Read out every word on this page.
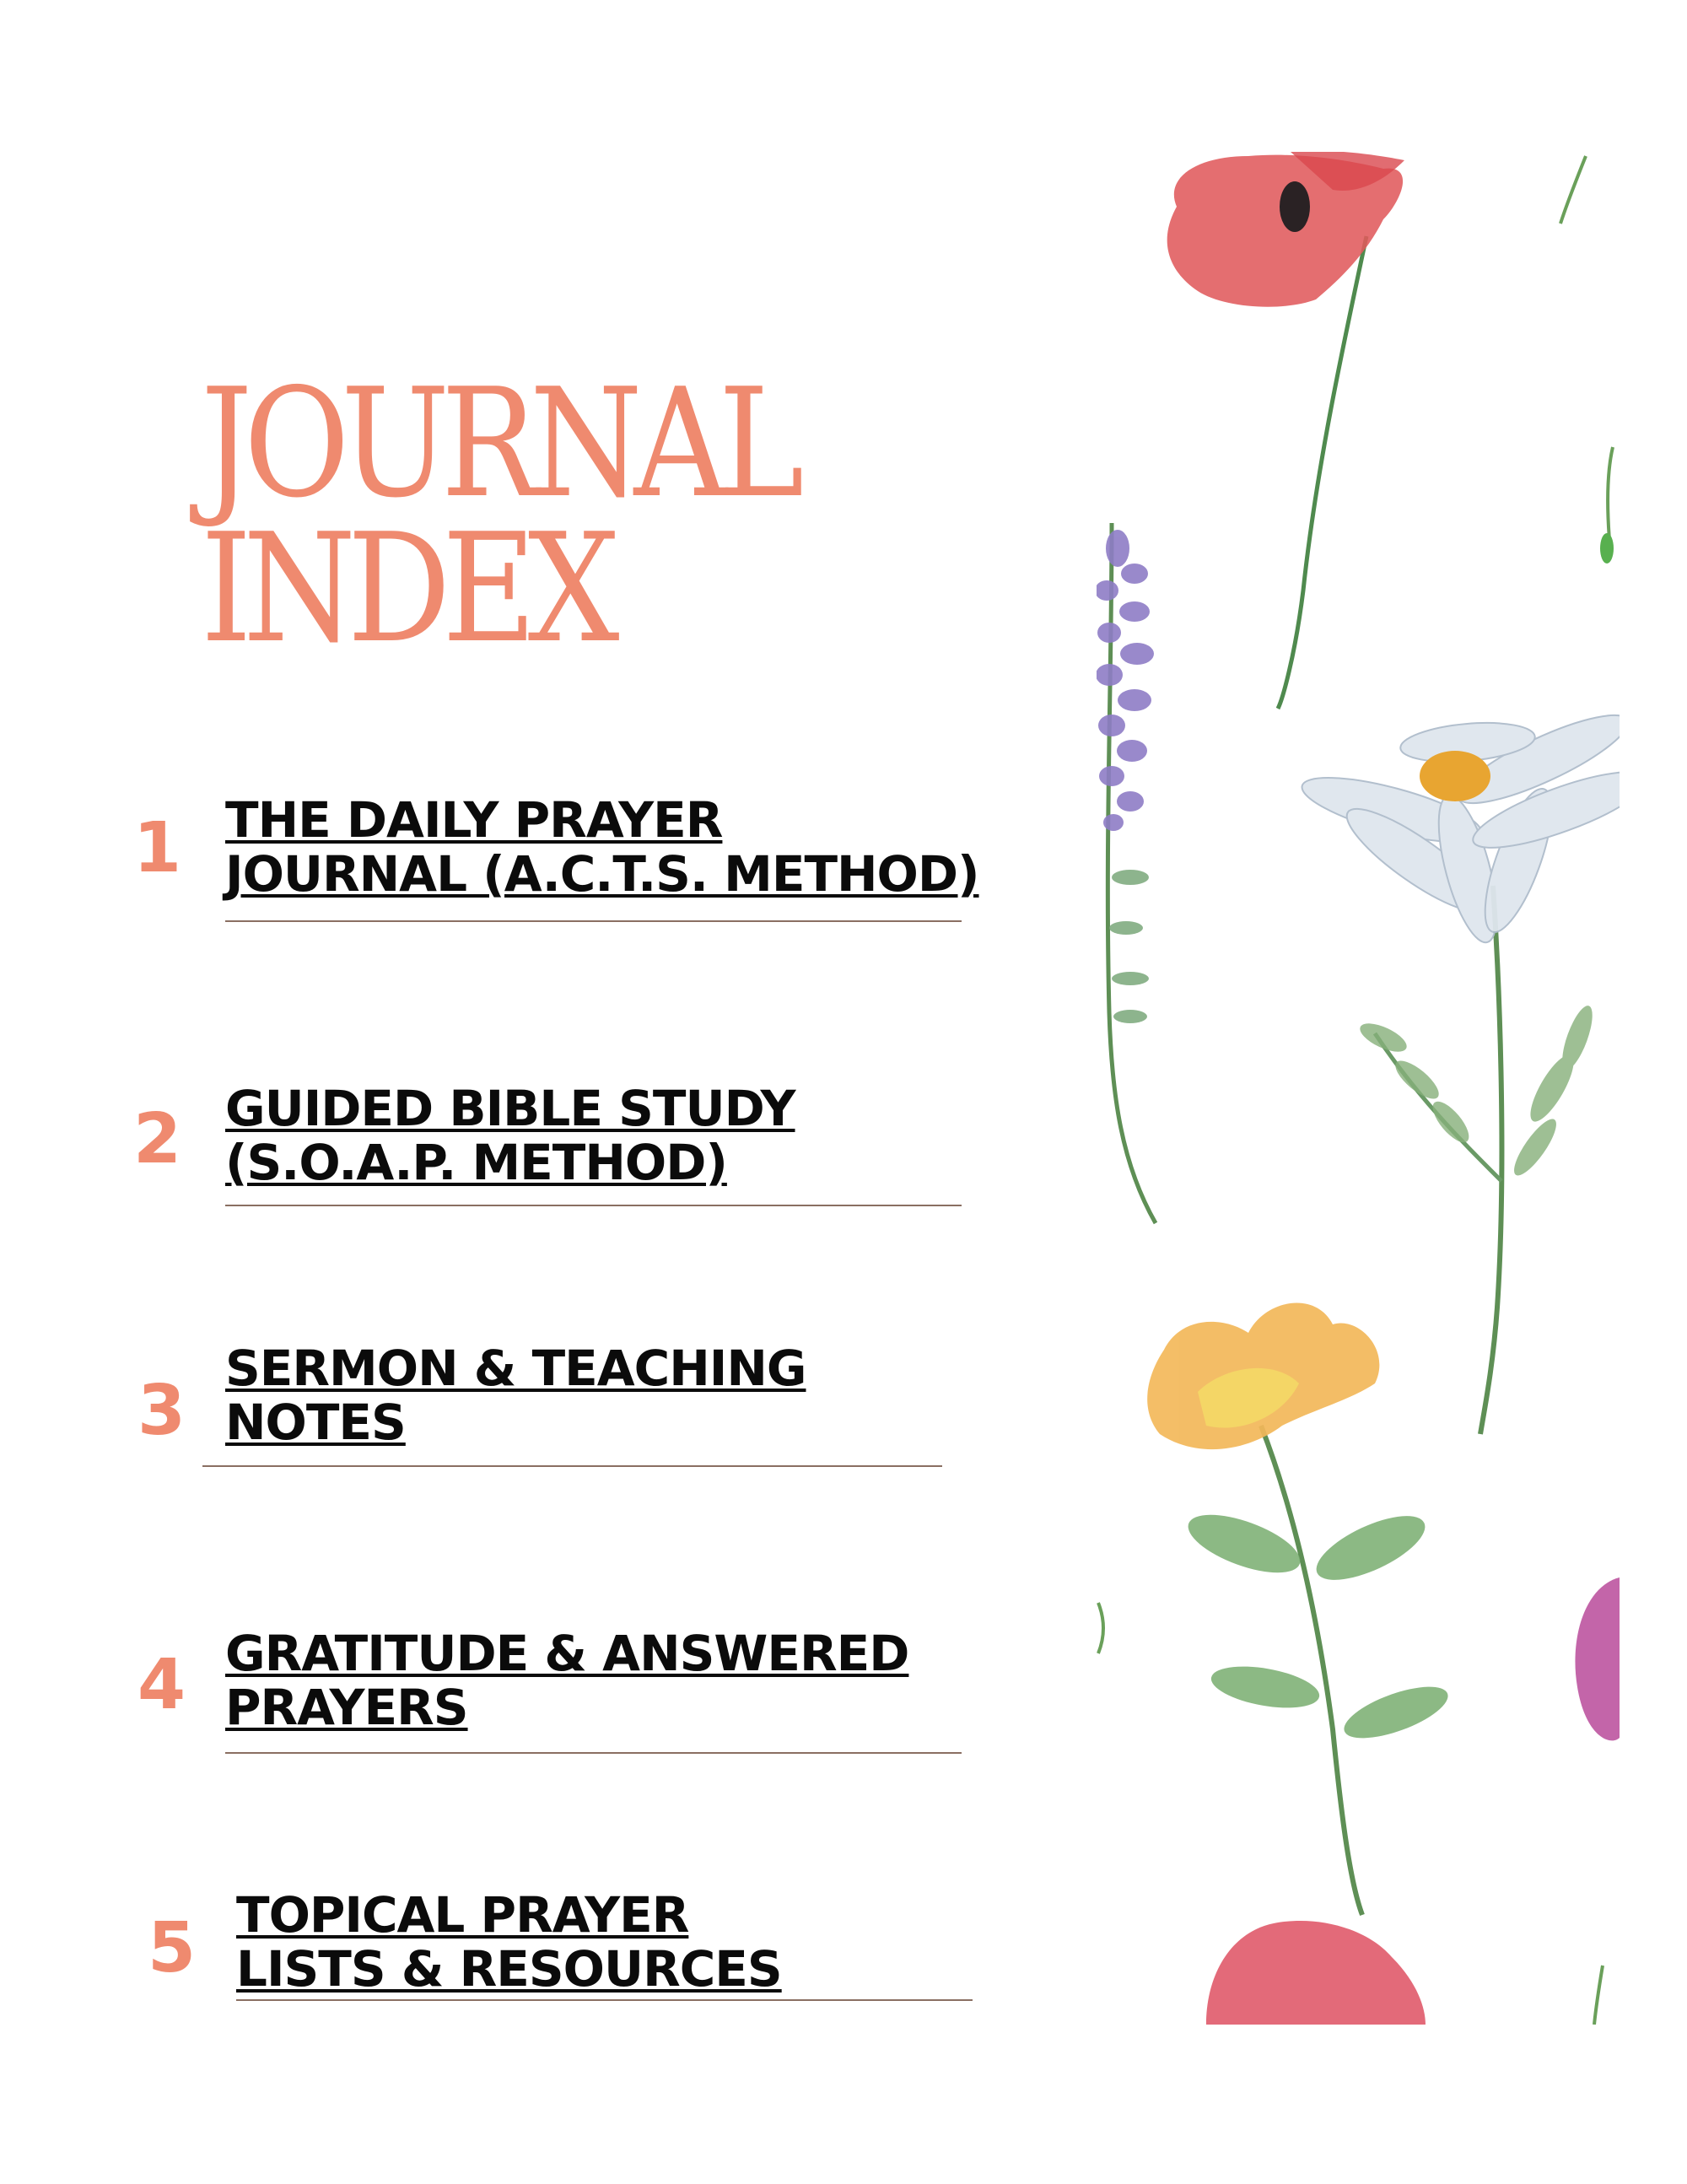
JOURNAL
INDEX
1 THE DAILY PRAYER
JOURNAL (A.C.T.S. METHOD)
2 GUIDED BIBLE STUDY
(S.O.A.P. METHOD)
3
SERMON & TEACHING
NOTES
4 GRATITUDE & ANSWERED
PRAYERS
5 TOPICAL PRAYER
LISTS & RESOURCES
